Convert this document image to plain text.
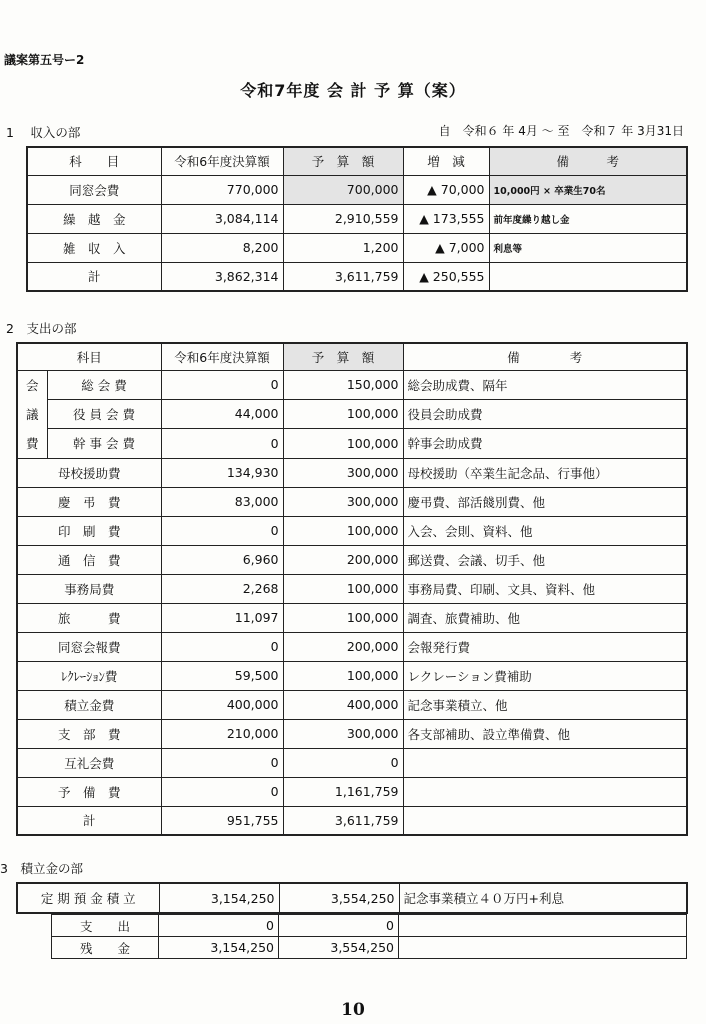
議案第五号ー2
令和7年度 会 計 予 算（案）
1　 収入の部	自　令和６ 年 4月 〜 至　令和７ 年 3月31日
科　　目	令和6年度決算額	予　算　額	増　減	備　　　考
同窓会費	770,000	700,000	▲ 70,000	10,000円 × 卒業生70名
繰　越　金	3,084,114	2,910,559	▲ 173,555	前年度繰り越し金
雑　収　入	8,200	1,200	▲ 7,000	利息等
計	3,862,314	3,611,759	▲ 250,555	
2　支出の部
科目		令和6年度決算額	予　算　額	備　　　　考

会
議
費	総 会 費	0	150,000	総会助成費、隔年
	役 員 会 費	44,000	100,000	役員会助成費
	幹 事 会 費	0	100,000	幹事会助成費
母校援助費		134,930	300,000	母校援助（卒業生記念品、行事他）
慶　弔　費		83,000	300,000	慶弔費、部活餞別費、他
印　刷　費		0	100,000	入会、会則、資料、他
通　信　費		6,960	200,000	郵送費、会議、切手、他
事務局費		2,268	100,000	事務局費、印刷、文具、資料、他
旅　　　費		11,097	100,000	調査、旅費補助、他
同窓会報費		0	200,000	会報発行費
ﾚｸﾚｰｼｮﾝ費		59,500	100,000	レクレーション費補助
積立金費		400,000	400,000	記念事業積立、他
支　部　費		210,000	300,000	各支部補助、設立準備費、他
互礼会費		0	0	
予　備　費		0	1,161,759	
計		951,755	3,611,759	
3　積立金の部
定 期 預 金 積 立	3,154,250	3,554,250	記念事業積立４０万円+利息
支　　出	0	0	
残　　金	3,154,250	3,554,250	
10
